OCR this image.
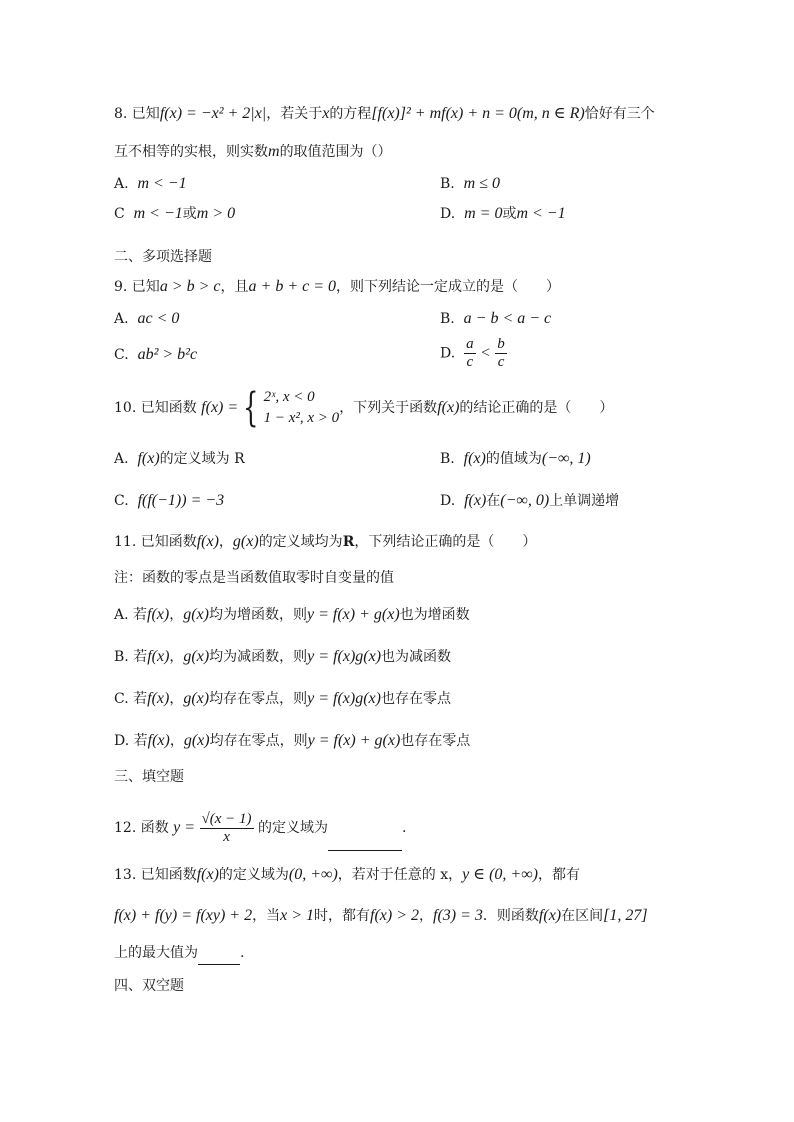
8. 已知f(x) = −x² + 2|x|，若关于x的方程[f(x)]² + mf(x) + n = 0(m, n ∈ R)恰好有三个
互不相等的实根，则实数m的取值范围为（）
A. m < −1	B. m ≤ 0
C m < −1或m > 0	D. m = 0或m < −1
二、多项选择题
9. 已知a > b > c，且a + b + c = 0，则下列结论一定成立的是（　　）
A. ac < 0	B. a − b < a − c
C. ab² > b²c	D. $\frac{a}{c} < \frac{b}{c}$
10. 已知函数 f(x) = { 2ˣ, x < 0
1 − x², x > 0
，下列关于函数f(x)的结论正确的是（　　）
A. f(x)的定义域为 R	B. f(x)的值域为(−∞, 1)
C. f(f(−1)) = −3	D. f(x)在(−∞, 0)上单调递增
11. 已知函数f(x)，g(x)的定义域均为R，下列结论正确的是（　　）
注：函数的零点是当函数值取零时自变量的值
A. 若f(x)，g(x)均为增函数，则y = f(x) + g(x)也为增函数
B. 若f(x)，g(x)均为减函数，则y = f(x)g(x)也为减函数
C. 若f(x)，g(x)均存在零点，则y = f(x)g(x)也存在零点
D. 若f(x)，g(x)均存在零点，则y = f(x) + g(x)也存在零点
三、填空题
12. 函数 $y = \frac{√(x - 1)}{x}$ 的定义域为	.
13. 已知函数f(x)的定义域为(0, +∞)，若对于任意的 x，y ∈ (0, +∞)，都有
f(x) + f(y) = f(xy) + 2，当x > 1时，都有f(x) > 2，f(3) = 3．则函数f(x)在区间[1, 27]
上的最大值为	.
四、双空题
